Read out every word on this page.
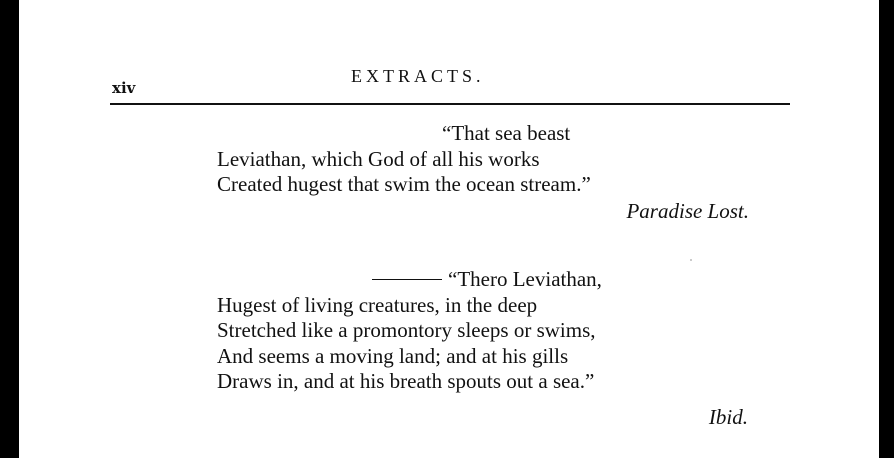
xiv
EXTRACTS.
“That sea beast
Leviathan, which God of all his works
Created hugest that swim the ocean stream.”
Paradise Lost.
“Thero Leviathan,
Hugest of living creatures, in the deep
Stretched like a promontory sleeps or swims,
And seems a moving land; and at his gills
Draws in, and at his breath spouts out a sea.”
Ibid.
